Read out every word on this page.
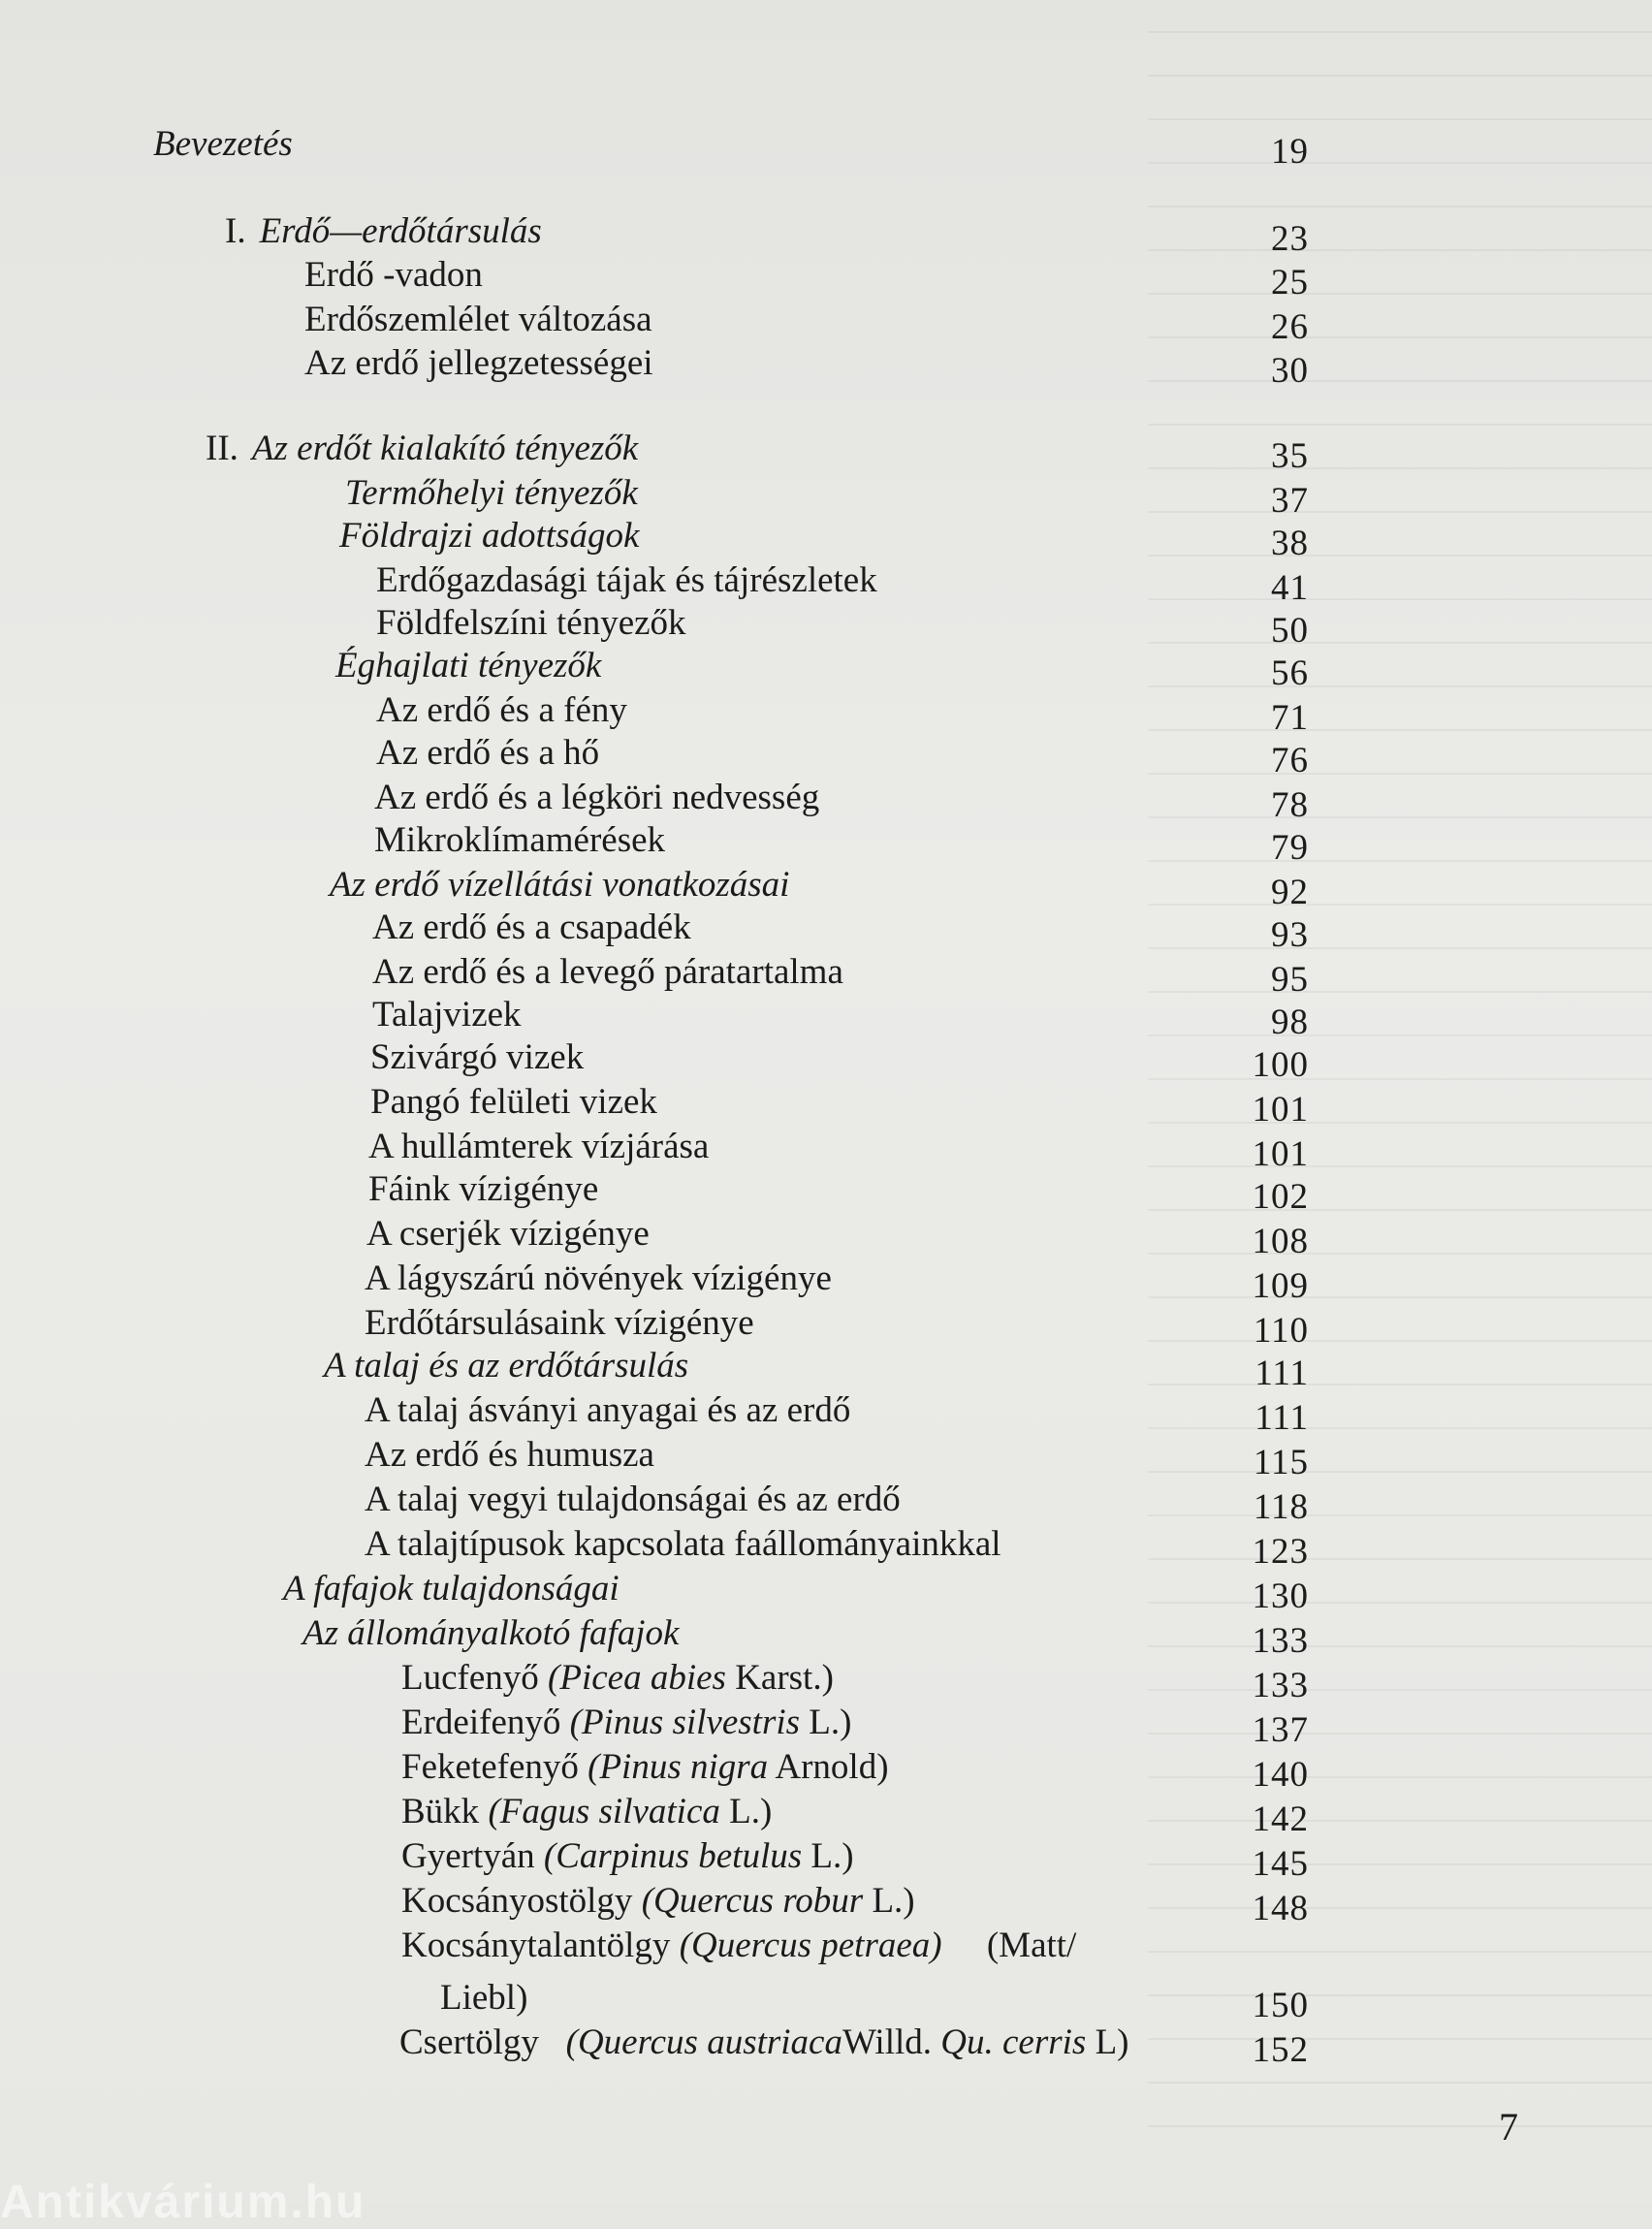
Bevezetés	19
I. Erdő—erdőtársulás	23
Erdő -vadon	25
Erdőszemlélet változása	26
Az erdő jellegzetességei	30
II. Az erdőt kialakító tényezők	35
Termőhelyi tényezők	37
Földrajzi adottságok	38
Erdőgazdasági tájak és tájrészletek	41
Földfelszíni tényezők	50
Éghajlati tényezők	56
Az erdő és a fény	71
Az erdő és a hő	76
Az erdő és a légköri nedvesség	78
Mikroklímamérések	79
Az erdő vízellátási vonatkozásai	92
Az erdő és a csapadék	93
Az erdő és a levegő páratartalma	95
Talajvizek	98
Szivárgó vizek	100
Pangó felületi vizek	101
A hullámterek vízjárása	101
Fáink vízigénye	102
A cserjék vízigénye	108
A lágyszárú növények vízigénye	109
Erdőtársulásaink vízigénye	110
A talaj és az erdőtársulás	111
A talaj ásványi anyagai és az erdő	111
Az erdő és humusza	115
A talaj vegyi tulajdonságai és az erdő	118
A talajtípusok kapcsolata faállományainkkal	123
A fafajok tulajdonságai	130
Az állományalkotó fafajok	133
Lucfenyő (Picea abies Karst.)	133
Erdeifenyő (Pinus silvestris L.)	137
Feketefenyő (Pinus nigra Arnold)	140
Bükk (Fagus silvatica L.)	142
Gyertyán (Carpinus betulus L.)	145
Kocsányostölgy (Quercus robur L.)	148
Kocsánytalantölgy (Quercus petraea) (Matt/
Liebl)	150
Csertölgy (Quercus austriacaWilld. Qu. cerris L)	152
7
Antikvárium.hu
